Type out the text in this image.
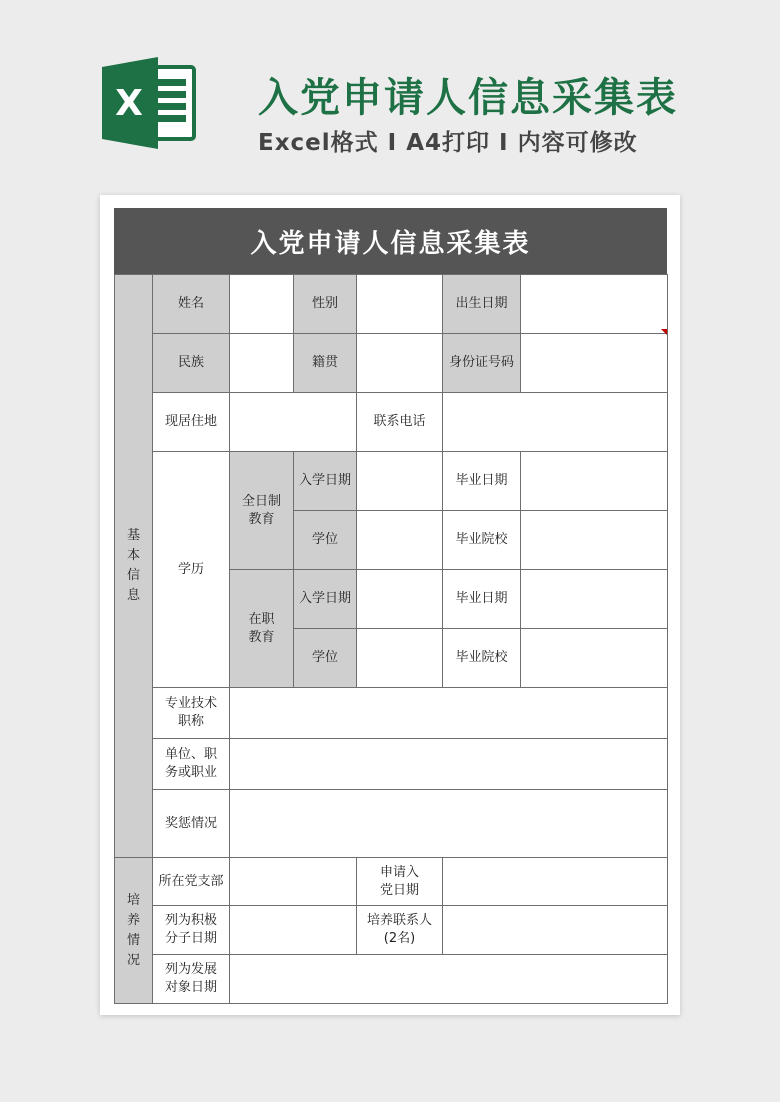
X	入党申请人信息采集表
Excel格式 I A4打印 I 内容可修改
入党申请人信息采集表
基本信息	姓名		性别		出生日期	
	民族		籍贯		身份证号码	
	现居住地			联系电话		
	学历	全日制教育	入学日期		毕业日期	
			学位		毕业院校	

		在职教育	入学日期		毕业日期	
			学位		毕业院校	

	专业技术职称					

	单位、职务或职业					

	奖惩情况					

培养情况	所在党支部			申请入党日期		

	列为积极分子日期			培养联系人(2名)		

	列为发展对象日期					
